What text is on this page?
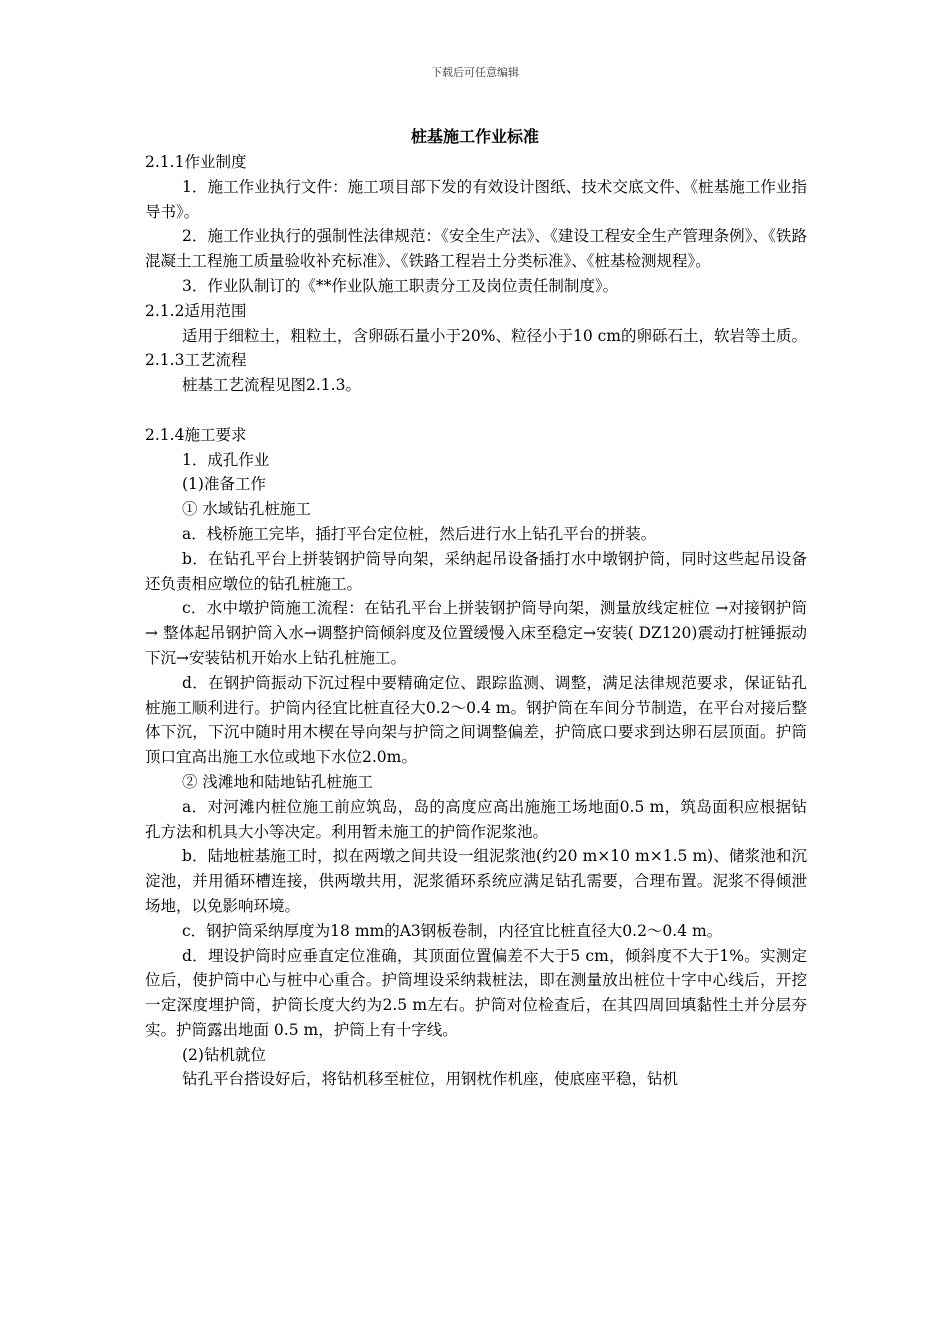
下载后可任意编辑
桩基施工作业标准

2.1.1作业制度

1．施工作业执行文件：施工项目部下发的有效设计图纸、技术交底文件、《桩基施工作业指导书》。

2．施工作业执行的强制性法律规范：《安全生产法》、《建设工程安全生产管理条例》、《铁路混凝土工程施工质量验收补充标准》、《铁路工程岩土分类标准》、《桩基检测规程》。

3．作业队制订的《**作业队施工职责分工及岗位责任制制度》。

2.1.2适用范围

适用于细粒土，粗粒土，含卵砾石量小于20%、粒径小于10 cm的卵砾石土，软岩等土质。

2.1.3工艺流程

桩基工艺流程见图2.1.3。

2.1.4施工要求

1．成孔作业

(1)准备工作

① 水域钻孔桩施工

a．栈桥施工完毕，插打平台定位桩，然后进行水上钻孔平台的拼装。

b．在钻孔平台上拼装钢护筒导向架，采纳起吊设备插打水中墩钢护筒，同时这些起吊设备还负责相应墩位的钻孔桩施工。

c．水中墩护筒施工流程：在钻孔平台上拼装钢护筒导向架，测量放线定桩位 →对接钢护筒 → 整体起吊钢护筒入水→调整护筒倾斜度及位置缓慢入床至稳定→安装( DZ120)震动打桩锤振动下沉→安装钻机开始水上钻孔桩施工。

d．在钢护筒振动下沉过程中要精确定位、跟踪监测、调整，满足法律规范要求，保证钻孔桩施工顺利进行。护筒内径宜比桩直径大0.2～0.4 m。钢护筒在车间分节制造，在平台对接后整体下沉，下沉中随时用木楔在导向架与护筒之间调整偏差，护筒底口要求到达卵石层顶面。护筒顶口宜高出施工水位或地下水位2.0m。

② 浅滩地和陆地钻孔桩施工

a．对河滩内桩位施工前应筑岛，岛的高度应高出施施工场地面0.5 m，筑岛面积应根据钻孔方法和机具大小等决定。利用暂未施工的护筒作泥浆池。

b．陆地桩基施工时，拟在两墩之间共设一组泥浆池(约20 m×10 m×1.5 m)、储浆池和沉淀池，并用循环槽连接，供两墩共用，泥浆循环系统应满足钻孔需要，合理布置。泥浆不得倾泄场地，以免影响环境。

c．钢护筒采纳厚度为18 mm的A3钢板卷制，内径宜比桩直径大0.2～0.4 m。

d．埋设护筒时应垂直定位准确，其顶面位置偏差不大于5 cm，倾斜度不大于1%。实测定位后，使护筒中心与桩中心重合。护筒埋设采纳栽桩法，即在测量放出桩位十字中心线后，开挖一定深度埋护筒，护筒长度大约为2.5 m左右。护筒对位检查后，在其四周回填黏性土并分层夯实。护筒露出地面 0.5 m，护筒上有十字线。

(2)钻机就位

钻孔平台搭设好后，将钻机移至桩位，用钢枕作机座，使底座平稳，钻机
